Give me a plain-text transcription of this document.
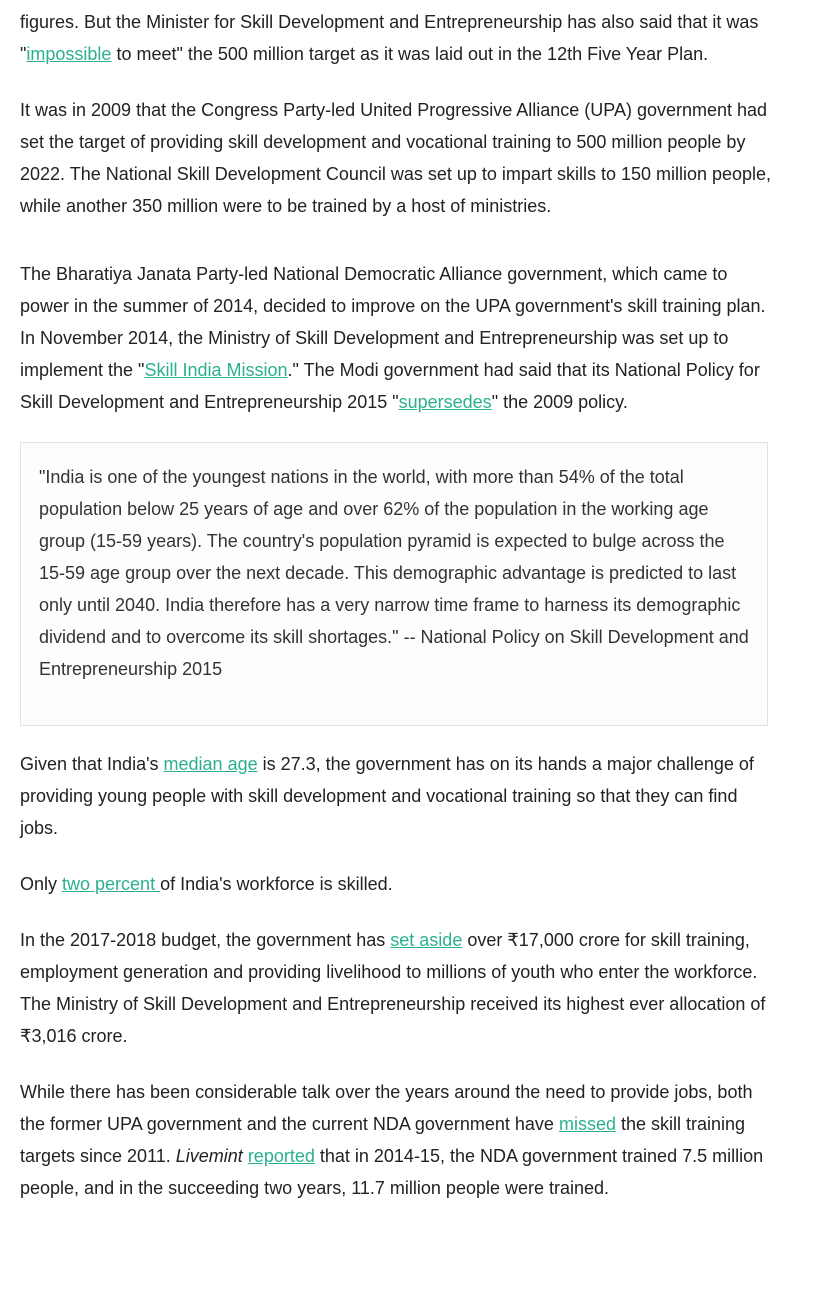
figures. But the Minister for Skill Development and Entrepreneurship has also said that it was "impossible to meet" the 500 million target as it was laid out in the 12th Five Year Plan.

It was in 2009 that the Congress Party-led United Progressive Alliance (UPA) government had set the target of providing skill development and vocational training to 500 million people by 2022. The National Skill Development Council was set up to impart skills to 150 million people, while another 350 million were to be trained by a host of ministries.

The Bharatiya Janata Party-led National Democratic Alliance government, which came to power in the summer of 2014, decided to improve on the UPA government's skill training plan. In November 2014, the Ministry of Skill Development and Entrepreneurship was set up to implement the "Skill India Mission." The Modi government had said that its National Policy for Skill Development and Entrepreneurship 2015 "supersedes" the 2009 policy.

"India is one of the youngest nations in the world, with more than 54% of the total population below 25 years of age and over 62% of the population in the working age group (15-59 years). The country's population pyramid is expected to bulge across the 15-59 age group over the next decade. This demographic advantage is predicted to last only until 2040. India therefore has a very narrow time frame to harness its demographic dividend and to overcome its skill shortages." -- National Policy on Skill Development and Entrepreneurship 2015

Given that India's median age is 27.3, the government has on its hands a major challenge of providing young people with skill development and vocational training so that they can find jobs.

Only two percent of India's workforce is skilled.

In the 2017-2018 budget, the government has set aside over ₹17,000 crore for skill training, employment generation and providing livelihood to millions of youth who enter the workforce. The Ministry of Skill Development and Entrepreneurship received its highest ever allocation of ₹3,016 crore.

While there has been considerable talk over the years around the need to provide jobs, both the former UPA government and the current NDA government have missed the skill training targets since 2011. Livemint reported that in 2014-15, the NDA government trained 7.5 million people, and in the succeeding two years, 11.7 million people were trained.
